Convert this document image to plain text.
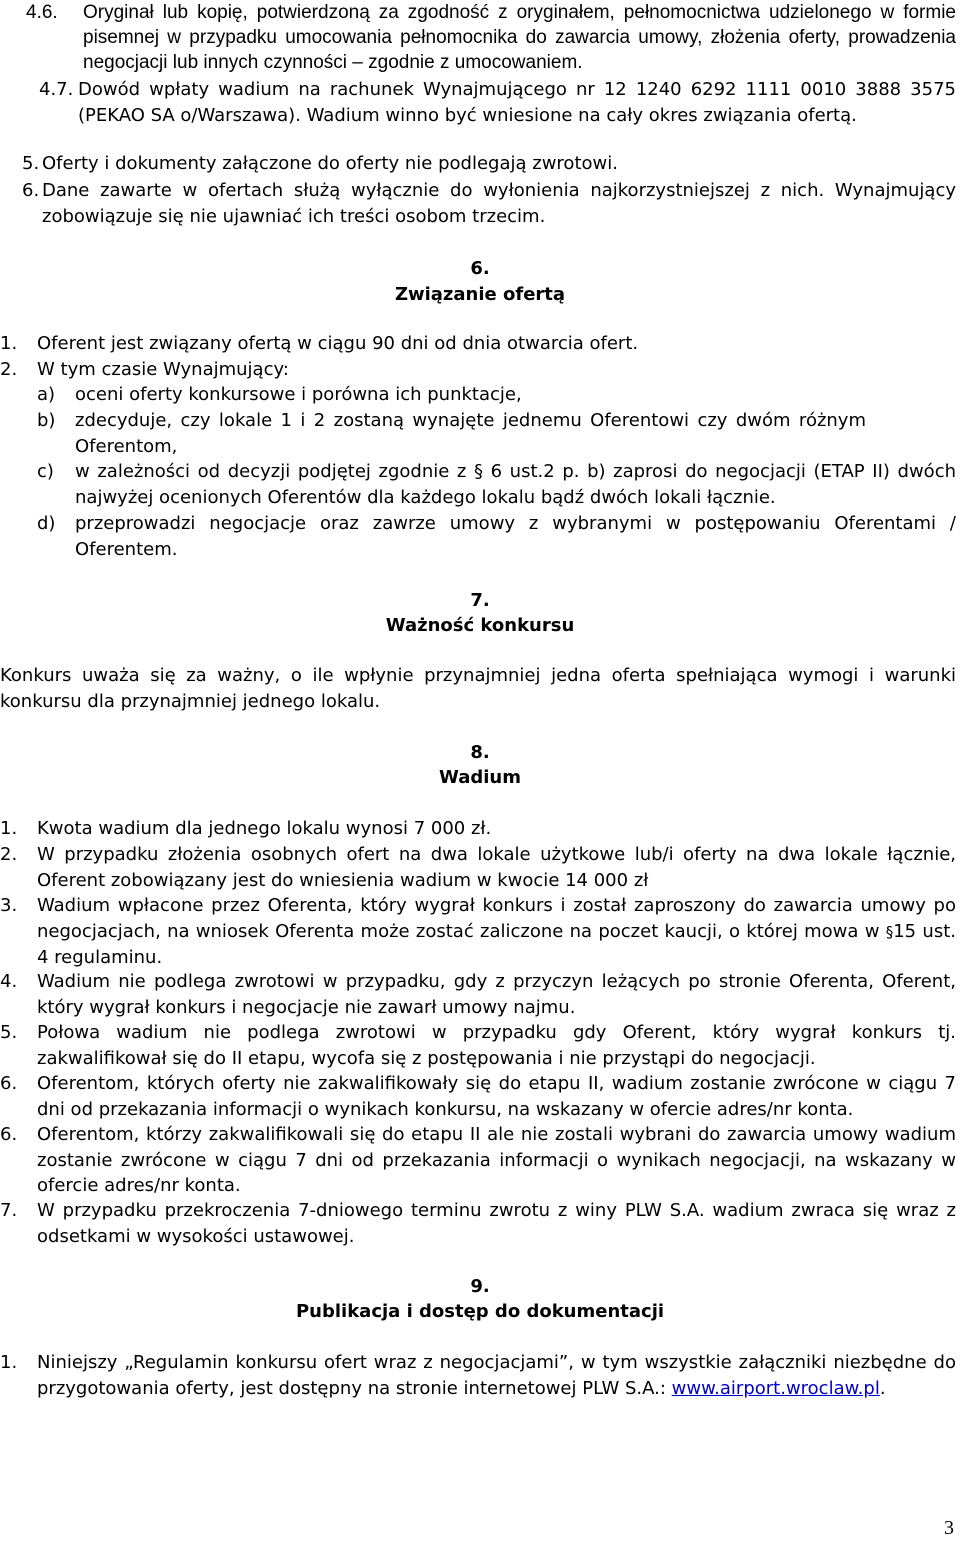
4.6. Oryginał lub kopię, potwierdzoną za zgodność z oryginałem, pełnomocnictwa udzielonego w formie pisemnej w przypadku umocowania pełnomocnika do zawarcia umowy, złożenia oferty, prowadzenia negocjacji lub innych czynności – zgodnie z umocowaniem.
4.7. Dowód wpłaty wadium na rachunek Wynajmującego nr 12 1240 6292 1111 0010 3888 3575 (PEKAO SA o/Warszawa). Wadium winno być wniesione na cały okres związania ofertą.
5. Oferty i dokumenty załączone do oferty nie podlegają zwrotowi.
6. Dane zawarte w ofertach służą wyłącznie do wyłonienia najkorzystniejszej z nich. Wynajmujący zobowiązuje się nie ujawniać ich treści osobom trzecim.
6.
Związanie ofertą
1. Oferent jest związany ofertą w ciągu 90 dni od dnia otwarcia ofert.
2. W tym czasie Wynajmujący:
a) oceni oferty konkursowe i porówna ich punktacje,
b) zdecyduje, czy lokale 1 i 2 zostaną wynajęte jednemu Oferentowi czy dwóm różnym Oferentom,
c) w zależności od decyzji podjętej zgodnie z § 6 ust.2 p. b) zaprosi do negocjacji (ETAP II) dwóch najwyżej ocenionych Oferentów dla każdego lokalu bądź dwóch lokali łącznie.
d) przeprowadzi negocjacje oraz zawrze umowy z wybranymi w postępowaniu Oferentami / Oferentem.
7.
Ważność konkursu
Konkurs uważa się za ważny, o ile wpłynie przynajmniej jedna oferta spełniająca wymogi i warunki konkursu dla przynajmniej jednego lokalu.
8.
Wadium
1. Kwota wadium dla jednego lokalu wynosi 7 000 zł.
2. W przypadku złożenia osobnych ofert na dwa lokale użytkowe lub/i oferty na dwa lokale łącznie, Oferent zobowiązany jest do wniesienia wadium w kwocie 14 000 zł
3. Wadium wpłacone przez Oferenta, który wygrał konkurs i został zaproszony do zawarcia umowy po negocjacjach, na wniosek Oferenta może zostać zaliczone na poczet kaucji, o której mowa w §15 ust. 4 regulaminu.
4. Wadium nie podlega zwrotowi w przypadku, gdy z przyczyn leżących po stronie Oferenta, Oferent, który wygrał konkurs i negocjacje nie zawarł umowy najmu.
5. Połowa wadium nie podlega zwrotowi w przypadku gdy Oferent, który wygrał konkurs tj. zakwalifikował się do II etapu, wycofa się z postępowania i nie przystąpi do negocjacji.
6. Oferentom, których oferty nie zakwalifikowały się do etapu II, wadium zostanie zwrócone w ciągu 7 dni od przekazania informacji o wynikach konkursu, na wskazany w ofercie adres/nr konta.
6. Oferentom, którzy zakwalifikowali się do etapu II ale nie zostali wybrani do zawarcia umowy wadium zostanie zwrócone w ciągu 7 dni od przekazania informacji o wynikach negocjacji, na wskazany w ofercie adres/nr konta.
7. W przypadku przekroczenia 7-dniowego terminu zwrotu z winy PLW S.A. wadium zwraca się wraz z odsetkami w wysokości ustawowej.
9.
Publikacja i dostęp do dokumentacji
1. Niniejszy „Regulamin konkursu ofert wraz z negocjacjami”, w tym wszystkie załączniki niezbędne do przygotowania oferty, jest dostępny na stronie internetowej PLW S.A.: www.airport.wroclaw.pl.
3
